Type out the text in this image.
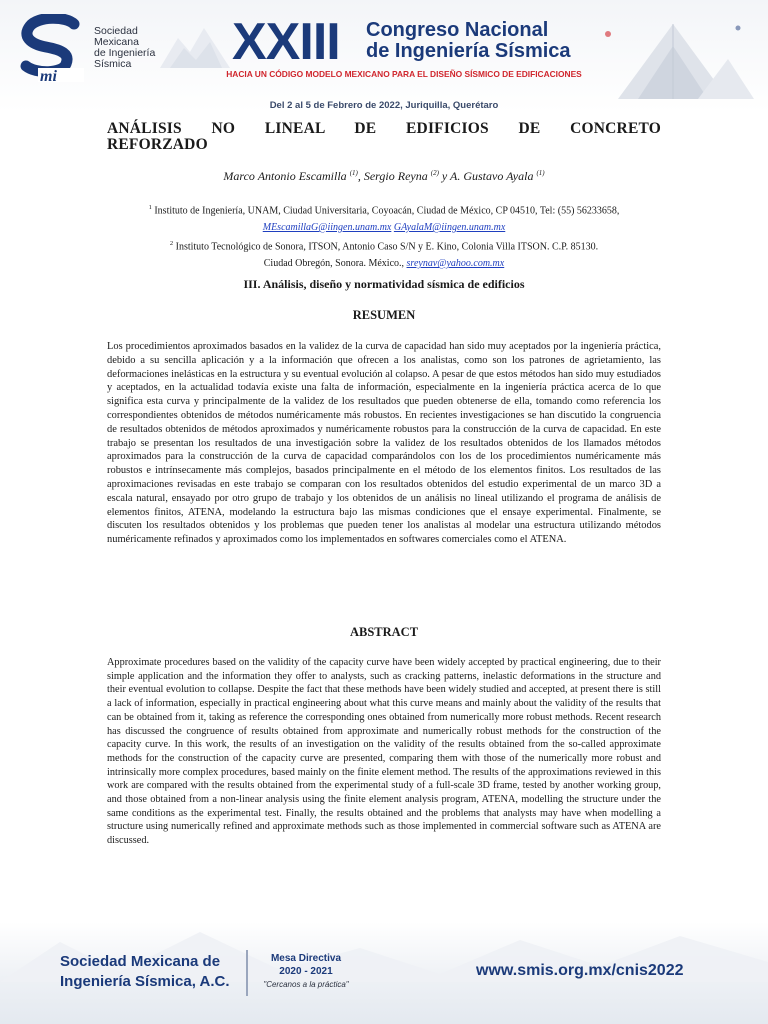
mi
Sociedad
Mexicana
de Ingeniería
Sísmica	XXIII Congreso Nacional
de Ingeniería Sísmica
HACIA UN CÓDIGO MODELO MEXICANO PARA EL DISEÑO SÍSMICO DE EDIFICACIONES
Del 2 al 5 de Febrero de 2022, Juriquilla, Querétaro
ANÁLISIS NO LINEAL DE EDIFICIOS DE CONCRETO
REFORZADO
Marco Antonio Escamilla $^{(1)}$, Sergio Reyna $^{(2)}$ y A. Gustavo Ayala $^{(1)}$
$^1$ Instituto de Ingeniería, UNAM, Ciudad Universitaria, Coyoacán, Ciudad de México, CP 04510, Tel: (55) 56233658,
MEscamillaG@iingen.unam.mx GAyalaM@iingen.unam.mx
$^2$ Instituto Tecnológico de Sonora, ITSON, Antonio Caso S/N y E. Kino, Colonia Villa ITSON. C.P. 85130.
Ciudad Obregón, Sonora. México., sreynav@yahoo.com.mx
III. Análisis, diseño y normatividad sísmica de edificios
RESUMEN
Los procedimientos aproximados basados en la validez de la curva de capacidad han sido muy aceptados por la ingeniería práctica, debido a su sencilla aplicación y a la información que ofrecen a los analistas, como son los patrones de agrietamiento, las deformaciones inelásticas en la estructura y su eventual evolución al colapso. A pesar de que estos métodos han sido muy estudiados y aceptados, en la actualidad todavía existe una falta de información, especialmente en la ingeniería práctica acerca de lo que significa esta curva y principalmente de la validez de los resultados que pueden obtenerse de ella, tomando como referencia los correspondientes obtenidos de métodos numéricamente más robustos. En recientes investigaciones se han discutido la congruencia de resultados obtenidos de métodos aproximados y numéricamente robustos para la construcción de la curva de capacidad. En este trabajo se presentan los resultados de una investigación sobre la validez de los resultados obtenidos de los llamados métodos aproximados para la construcción de la curva de capacidad comparándolos con los de los procedimientos numéricamente más robustos e intrínsecamente más complejos, basados principalmente en el método de los elementos finitos. Los resultados de las aproximaciones revisadas en este trabajo se comparan con los resultados obtenidos del estudio experimental de un marco 3D a escala natural, ensayado por otro grupo de trabajo y los obtenidos de un análisis no lineal utilizando el programa de análisis de elementos finitos, ATENA, modelando la estructura bajo las mismas condiciones que el ensaye experimental. Finalmente, se discuten los resultados obtenidos y los problemas que pueden tener los analistas al modelar una estructura utilizando métodos numéricamente refinados y aproximados como los implementados en softwares comerciales como el ATENA.
ABSTRACT
Approximate procedures based on the validity of the capacity curve have been widely accepted by practical engineering, due to their simple application and the information they offer to analysts, such as cracking patterns, inelastic deformations in the structure and their eventual evolution to collapse. Despite the fact that these methods have been widely studied and accepted, at present there is still a lack of information, especially in practical engineering about what this curve means and mainly about the validity of the results that can be obtained from it, taking as reference the corresponding ones obtained from numerically more robust methods. Recent research has discussed the congruence of results obtained from approximate and numerically robust methods for the construction of the capacity curve. In this work, the results of an investigation on the validity of the results obtained from the so-called approximate methods for the construction of the capacity curve are presented, comparing them with those of the numerically more robust and intrinsically more complex procedures, based mainly on the finite element method. The results of the approximations reviewed in this work are compared with the results obtained from the experimental study of a full-scale 3D frame, tested by another working group, and those obtained from a non-linear analysis using the finite element analysis program, ATENA, modelling the structure under the same conditions as the experimental test. Finally, the results obtained and the problems that analysts may have when modelling a structure using numerically refined and approximate methods such as those implemented in commercial software such as ATENA are discussed.
Sociedad Mexicana de
Ingeniería Sísmica, A.C.
Mesa Directiva
2020 - 2021
"Cercanos a la práctica"
www.smis.org.mx/cnis2022
